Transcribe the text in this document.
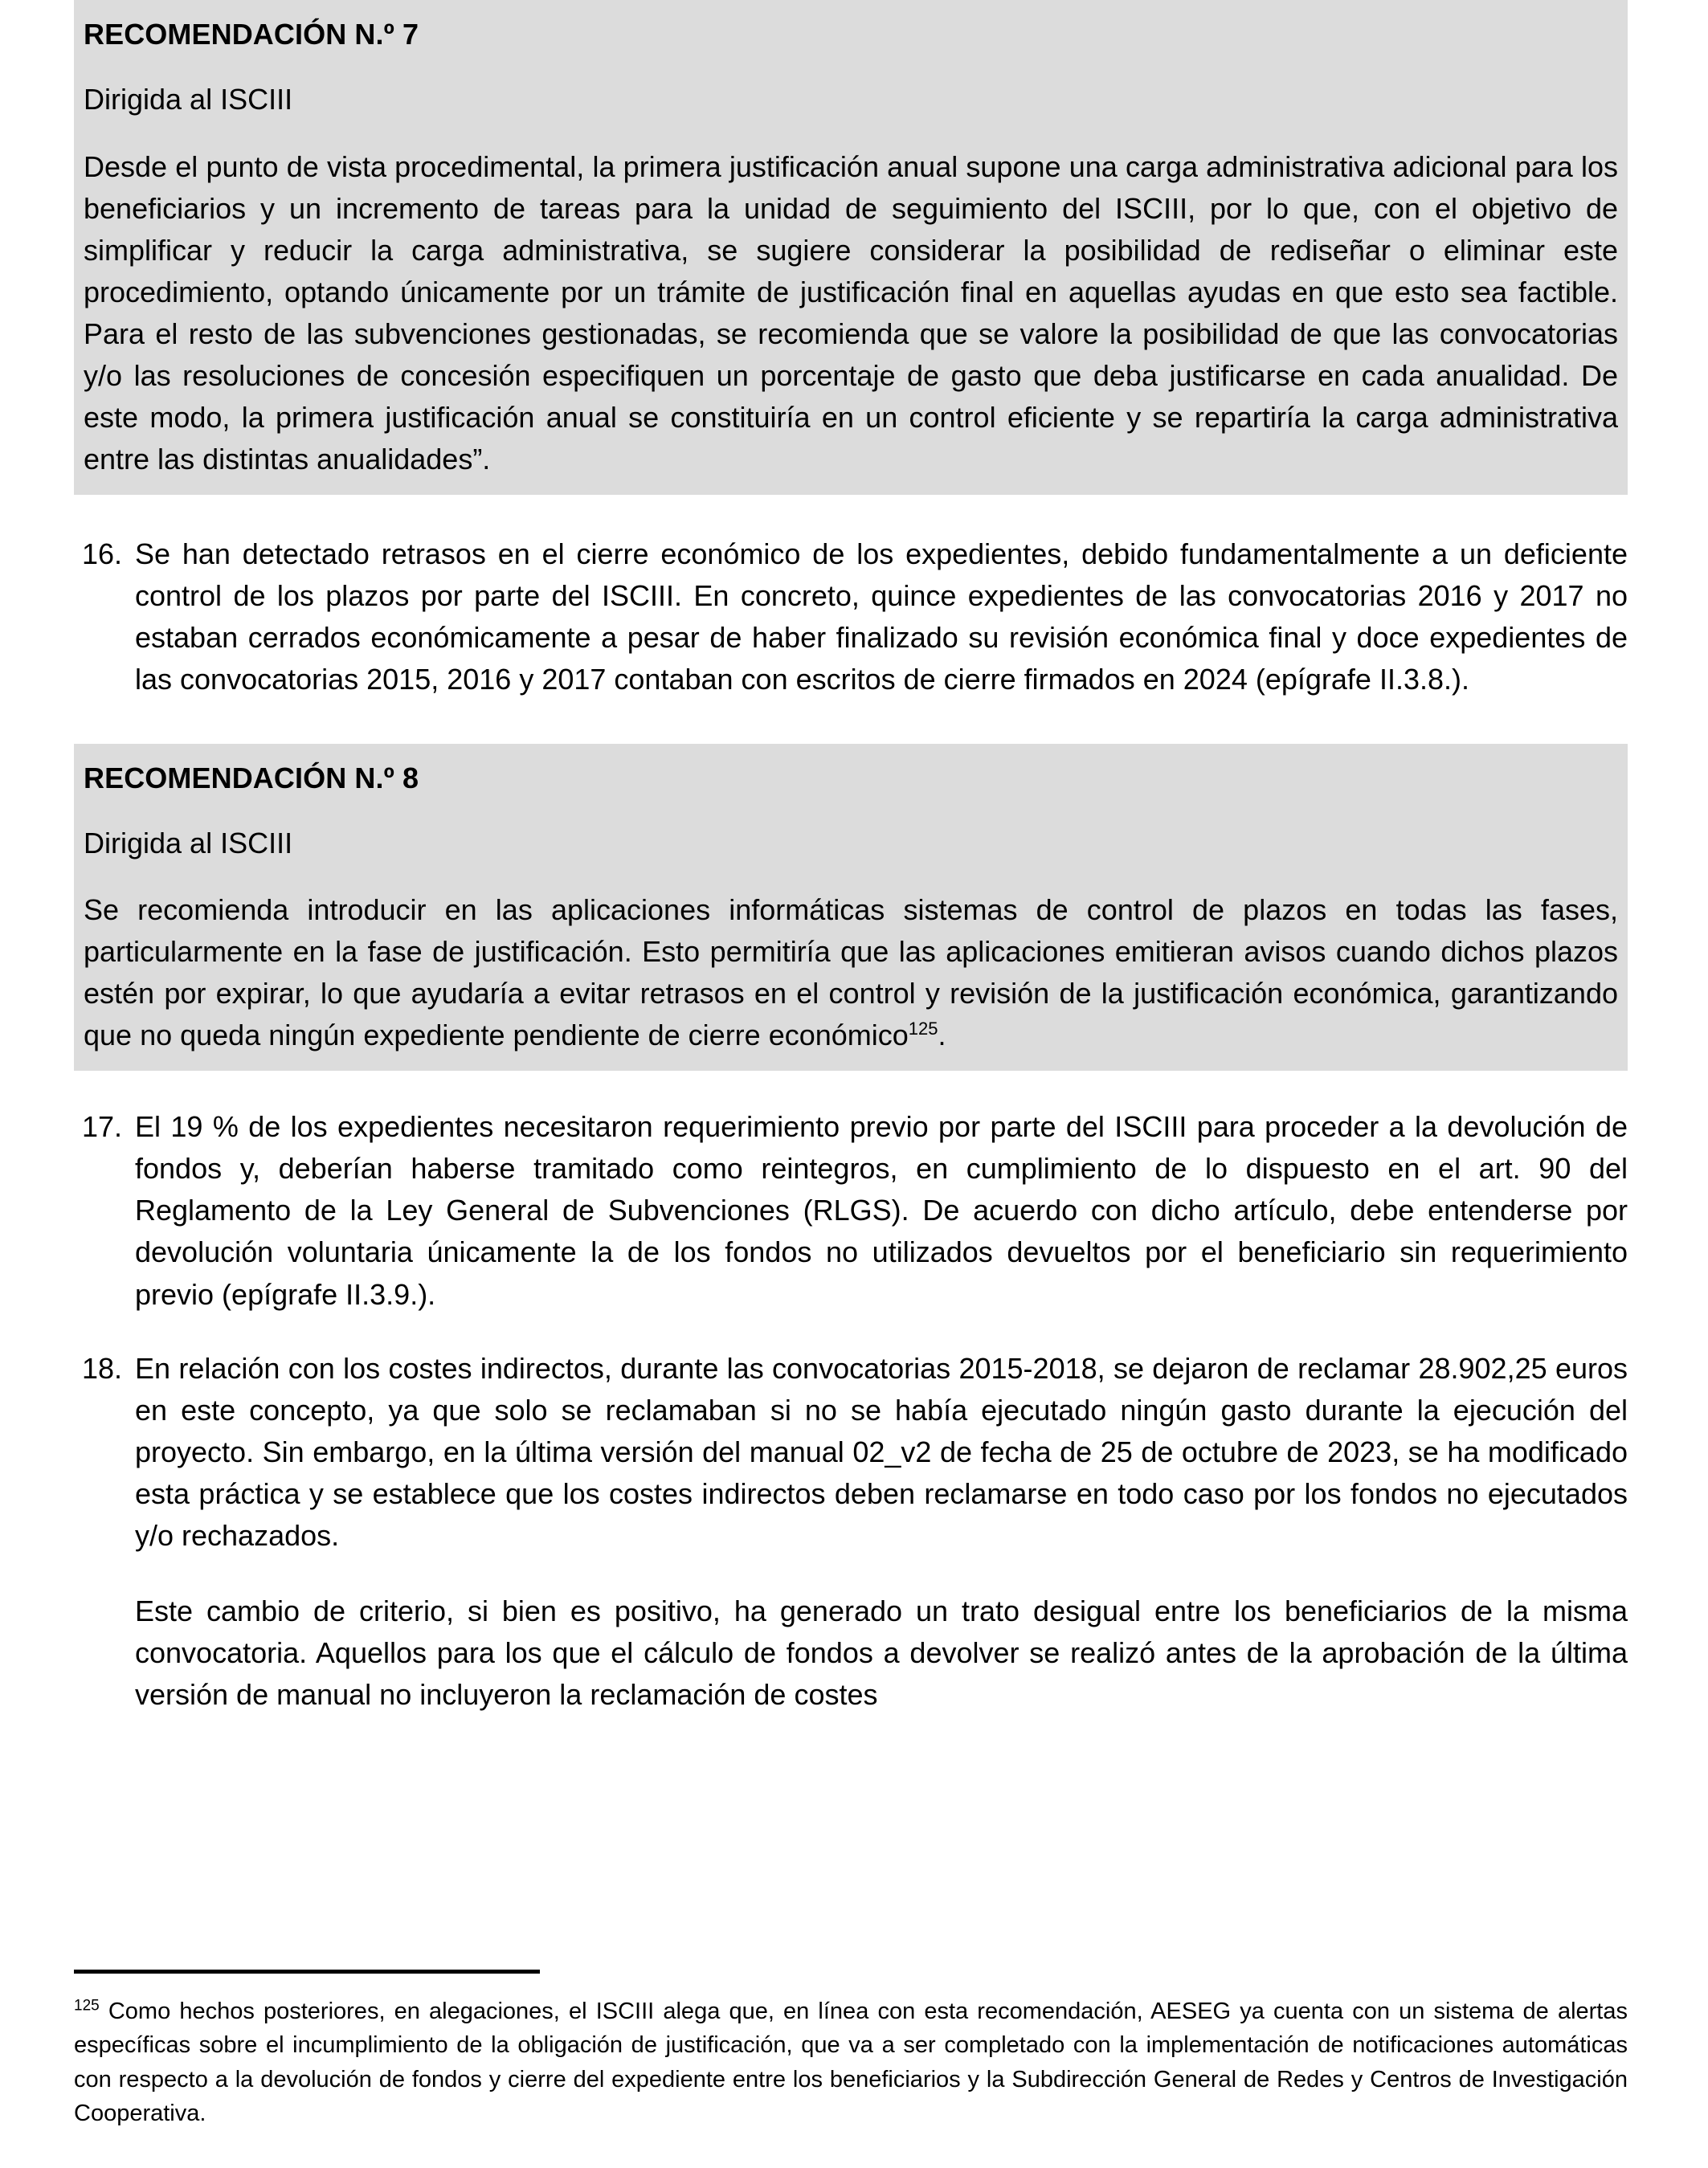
RECOMENDACIÓN N.º 7
Dirigida al ISCIII
Desde el punto de vista procedimental, la primera justificación anual supone una carga administrativa adicional para los beneficiarios y un incremento de tareas para la unidad de seguimiento del ISCIII, por lo que, con el objetivo de simplificar y reducir la carga administrativa, se sugiere considerar la posibilidad de rediseñar o eliminar este procedimiento, optando únicamente por un trámite de justificación final en aquellas ayudas en que esto sea factible. Para el resto de las subvenciones gestionadas, se recomienda que se valore la posibilidad de que las convocatorias y/o las resoluciones de concesión especifiquen un porcentaje de gasto que deba justificarse en cada anualidad. De este modo, la primera justificación anual se constituiría en un control eficiente y se repartiría la carga administrativa entre las distintas anualidades”.
16. Se han detectado retrasos en el cierre económico de los expedientes, debido fundamentalmente a un deficiente control de los plazos por parte del ISCIII. En concreto, quince expedientes de las convocatorias 2016 y 2017 no estaban cerrados económicamente a pesar de haber finalizado su revisión económica final y doce expedientes de las convocatorias 2015, 2016 y 2017 contaban con escritos de cierre firmados en 2024 (epígrafe II.3.8.).

RECOMENDACIÓN N.º 8
Dirigida al ISCIII
Se recomienda introducir en las aplicaciones informáticas sistemas de control de plazos en todas las fases, particularmente en la fase de justificación. Esto permitiría que las aplicaciones emitieran avisos cuando dichos plazos estén por expirar, lo que ayudaría a evitar retrasos en el control y revisión de la justificación económica, garantizando que no queda ningún expediente pendiente de cierre económico$^{125}$.
17. El 19 % de los expedientes necesitaron requerimiento previo por parte del ISCIII para proceder a la devolución de fondos y, deberían haberse tramitado como reintegros, en cumplimiento de lo dispuesto en el art. 90 del Reglamento de la Ley General de Subvenciones (RLGS). De acuerdo con dicho artículo, debe entenderse por devolución voluntaria únicamente la de los fondos no utilizados devueltos por el beneficiario sin requerimiento previo (epígrafe II.3.9.).

18. En relación con los costes indirectos, durante las convocatorias 2015-2018, se dejaron de reclamar 28.902,25 euros en este concepto, ya que solo se reclamaban si no se había ejecutado ningún gasto durante la ejecución del proyecto. Sin embargo, en la última versión del manual 02_v2 de fecha de 25 de octubre de 2023, se ha modificado esta práctica y se establece que los costes indirectos deben reclamarse en todo caso por los fondos no ejecutados y/o rechazados.

Este cambio de criterio, si bien es positivo, ha generado un trato desigual entre los beneficiarios de la misma convocatoria. Aquellos para los que el cálculo de fondos a devolver se realizó antes de la aprobación de la última versión de manual no incluyeron la reclamación de costes

$^{125}$ Como hechos posteriores, en alegaciones, el ISCIII alega que, en línea con esta recomendación, AESEG ya cuenta con un sistema de alertas específicas sobre el incumplimiento de la obligación de justificación, que va a ser completado con la implementación de notificaciones automáticas con respecto a la devolución de fondos y cierre del expediente entre los beneficiarios y la Subdirección General de Redes y Centros de Investigación Cooperativa.
